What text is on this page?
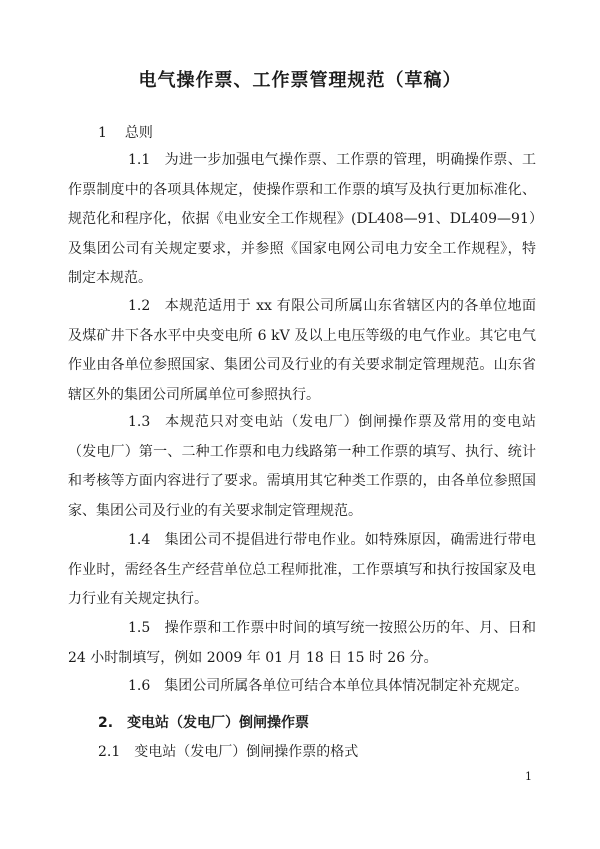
电气操作票、工作票管理规范（草稿）

1 总则

1.1 为进一步加强电气操作票、工作票的管理，明确操作票、工作票制度中的各项具体规定，使操作票和工作票的填写及执行更加标准化、规范化和程序化，依据《电业安全工作规程》(DL408—91、DL409—91）及集团公司有关规定要求，并参照《国家电网公司电力安全工作规程》，特制定本规范。

1.2 本规范适用于 xx 有限公司所属山东省辖区内的各单位地面及煤矿井下各水平中央变电所 6 kV 及以上电压等级的电气作业。其它电气作业由各单位参照国家、集团公司及行业的有关要求制定管理规范。山东省辖区外的集团公司所属单位可参照执行。

1.3 本规范只对变电站（发电厂）倒闸操作票及常用的变电站（发电厂）第一、二种工作票和电力线路第一种工作票的填写、执行、统计和考核等方面内容进行了要求。需填用其它种类工作票的，由各单位参照国家、集团公司及行业的有关要求制定管理规范。

1.4 集团公司不提倡进行带电作业。如特殊原因，确需进行带电作业时，需经各生产经营单位总工程师批准，工作票填写和执行按国家及电力行业有关规定执行。

1.5 操作票和工作票中时间的填写统一按照公历的年、月、日和 24 小时制填写，例如 2009 年 01 月 18 日 15 时 26 分。

1.6 集团公司所属各单位可结合本单位具体情况制定补充规定。

2. 变电站（发电厂）倒闸操作票

2.1 变电站（发电厂）倒闸操作票的格式

1
